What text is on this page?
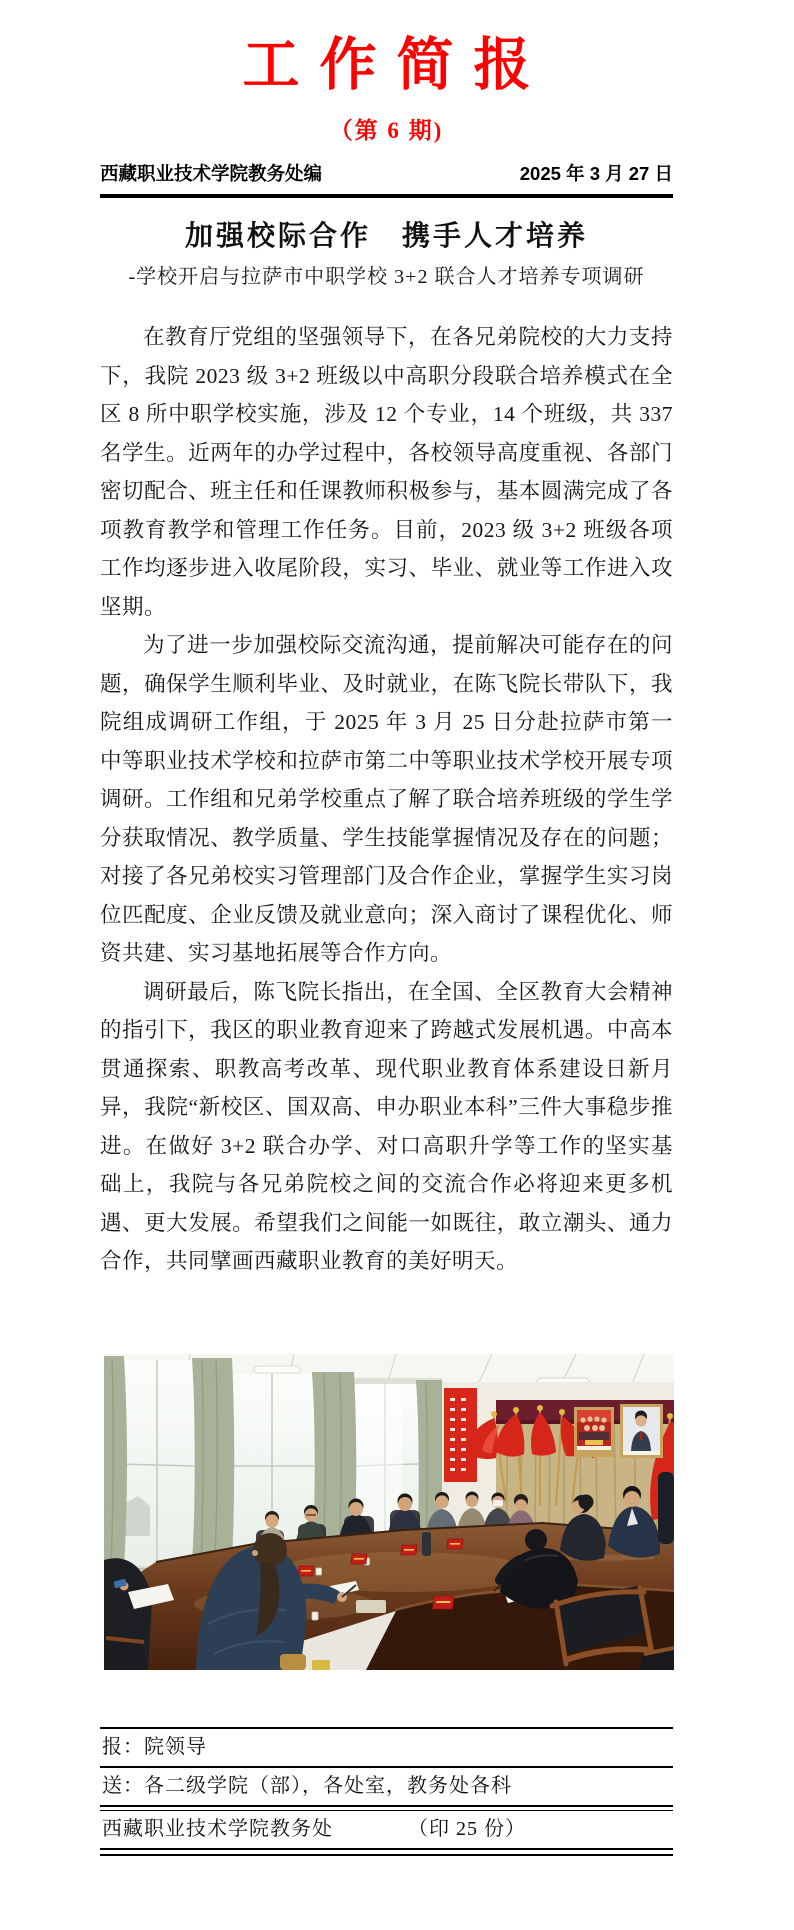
工作简报
（第 6 期)
西藏职业技术学院教务处编	2025 年 3 月 27 日
加强校际合作　携手人才培养
-学校开启与拉萨市中职学校 3+2 联合人才培养专项调研

在教育厅党组的坚强领导下，在各兄弟院校的大力支持下，我院 2023 级 3+2 班级以中高职分段联合培养模式在全区 8 所中职学校实施，涉及 12 个专业，14 个班级，共 337 名学生。近两年的办学过程中，各校领导高度重视、各部门密切配合、班主任和任课教师积极参与，基本圆满完成了各项教育教学和管理工作任务。目前，2023 级 3+2 班级各项工作均逐步进入收尾阶段，实习、毕业、就业等工作进入攻坚期。

为了进一步加强校际交流沟通，提前解决可能存在的问题，确保学生顺利毕业、及时就业，在陈飞院长带队下，我院组成调研工作组，于 2025 年 3 月 25 日分赴拉萨市第一中等职业技术学校和拉萨市第二中等职业技术学校开展专项调研。工作组和兄弟学校重点了解了联合培养班级的学生学分获取情况、教学质量、学生技能掌握情况及存在的问题；对接了各兄弟校实习管理部门及合作企业，掌握学生实习岗位匹配度、企业反馈及就业意向；深入商讨了课程优化、师资共建、实习基地拓展等合作方向。

调研最后，陈飞院长指出，在全国、全区教育大会精神的指引下，我区的职业教育迎来了跨越式发展机遇。中高本贯通探索、职教高考改革、现代职业教育体系建设日新月异，我院“新校区、国双高、申办职业本科”三件大事稳步推进。在做好 3+2 联合办学、对口高职升学等工作的坚实基础上，我院与各兄弟院校之间的交流合作必将迎来更多机遇、更大发展。希望我们之间能一如既往，敢立潮头、通力合作，共同擘画西藏职业教育的美好明天。

报：院领导
送：各二级学院（部），各处室，教务处各科
西藏职业技术学院教务处	（印 25 份）
